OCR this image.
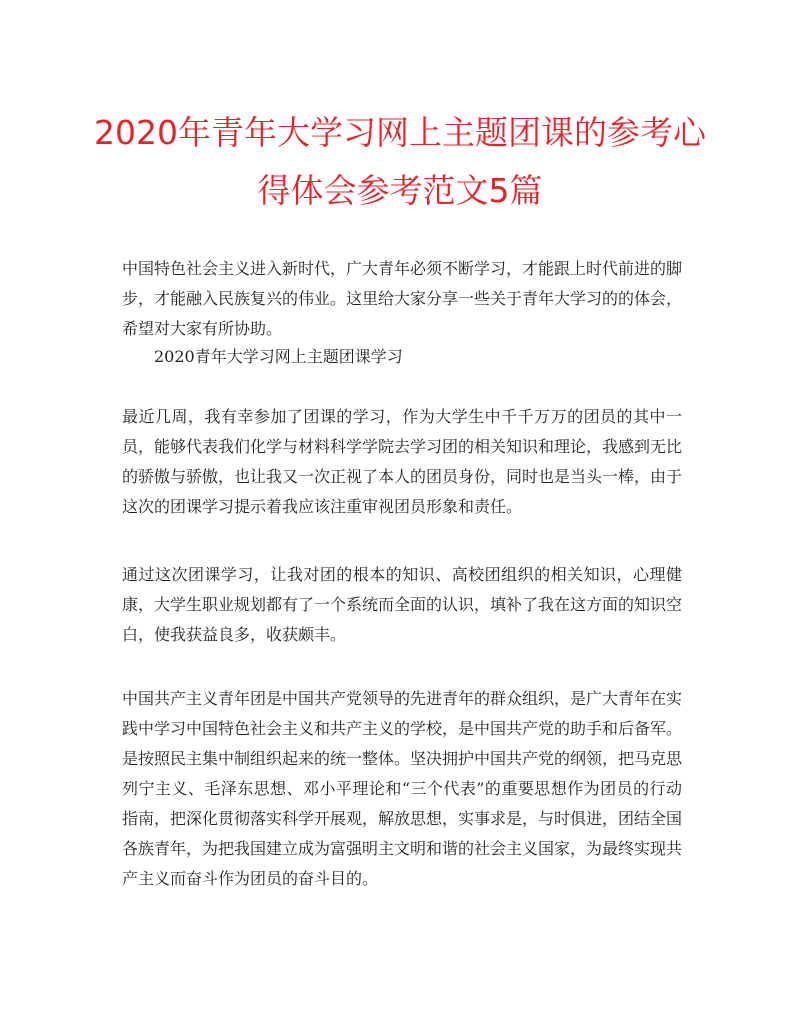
2020年青年大学习网上主题团课的参考心
得体会参考范文5篇

中国特色社会主义进入新时代，广大青年必须不断学习，才能跟上时代前进的脚步，才能融入民族复兴的伟业。这里给大家分享一些关于青年大学习的的体会，希望对大家有所协助。

2020青年大学习网上主题团课学习

最近几周，我有幸参加了团课的学习，作为大学生中千千万万的团员的其中一员，能够代表我们化学与材料科学学院去学习团的相关知识和理论，我感到无比的骄傲与骄傲，也让我又一次正视了本人的团员身份，同时也是当头一棒，由于这次的团课学习提示着我应该注重审视团员形象和责任。

通过这次团课学习，让我对团的根本的知识、高校团组织的相关知识，心理健康，大学生职业规划都有了一个系统而全面的认识，填补了我在这方面的知识空白，使我获益良多，收获颇丰。

中国共产主义青年团是中国共产党领导的先进青年的群众组织，是广大青年在实践中学习中国特色社会主义和共产主义的学校，是中国共产党的助手和后备军。是按照民主集中制组织起来的统一整体。坚决拥护中国共产党的纲领，把马克思列宁主义、毛泽东思想、邓小平理论和“三个代表”的重要思想作为团员的行动指南，把深化贯彻落实科学开展观，解放思想，实事求是，与时俱进，团结全国各族青年，为把我国建立成为富强明主文明和谐的社会主义国家，为最终实现共产主义而奋斗作为团员的奋斗目的。
